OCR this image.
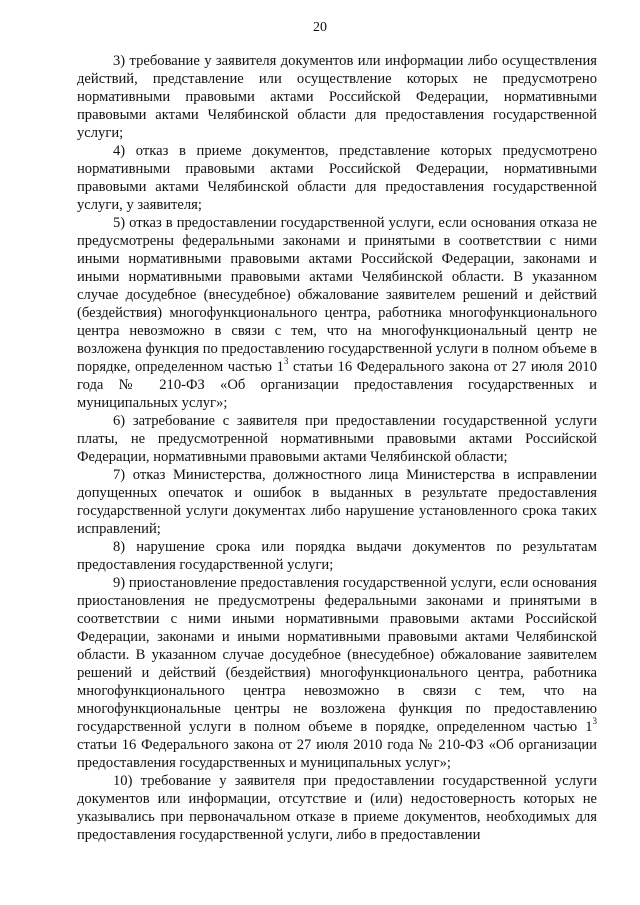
20

3) требование у заявителя документов или информации либо осуществления действий, представление или осуществление которых не предусмотрено нормативными правовыми актами Российской Федерации, нормативными правовыми актами Челябинской области для предоставления государственной услуги;

4) отказ в приеме документов, представление которых предусмотрено нормативными правовыми актами Российской Федерации, нормативными правовыми актами Челябинской области для предоставления государственной услуги, у заявителя;

5) отказ в предоставлении государственной услуги, если основания отказа не предусмотрены федеральными законами и принятыми в соответствии с ними иными нормативными правовыми актами Российской Федерации, законами и иными нормативными правовыми актами Челябинской области. В указанном случае досудебное (внесудебное) обжалование заявителем решений и действий (бездействия) многофункционального центра, работника многофункционального центра невозможно в связи с тем, что на многофункциональный центр не возложена функция по предоставлению государственной услуги в полном объеме в порядке, определенном частью $1^3$ статьи 16 Федерального закона от 27 июля 2010 года № 210-ФЗ «Об организации предоставления государственных и муниципальных услуг»;

6) затребование с заявителя при предоставлении государственной услуги платы, не предусмотренной нормативными правовыми актами Российской Федерации, нормативными правовыми актами Челябинской области;

7) отказ Министерства, должностного лица Министерства в исправлении допущенных опечаток и ошибок в выданных в результате предоставления государственной услуги документах либо нарушение установленного срока таких исправлений;

8) нарушение срока или порядка выдачи документов по результатам предоставления государственной услуги;

9) приостановление предоставления государственной услуги, если основания приостановления не предусмотрены федеральными законами и принятыми в соответствии с ними иными нормативными правовыми актами Российской Федерации, законами и иными нормативными правовыми актами Челябинской области. В указанном случае досудебное (внесудебное) обжалование заявителем решений и действий (бездействия) многофункционального центра, работника многофункционального центра невозможно в связи с тем, что на многофункциональные центры не возложена функция по предоставлению государственной услуги в полном объеме в порядке, определенном частью $1^3$ статьи 16 Федерального закона от 27 июля 2010 года № 210-ФЗ «Об организации предоставления государственных и муниципальных услуг»;

10) требование у заявителя при предоставлении государственной услуги документов или информации, отсутствие и (или) недостоверность которых не указывались при первоначальном отказе в приеме документов, необходимых для предоставления государственной услуги, либо в предоставлении
